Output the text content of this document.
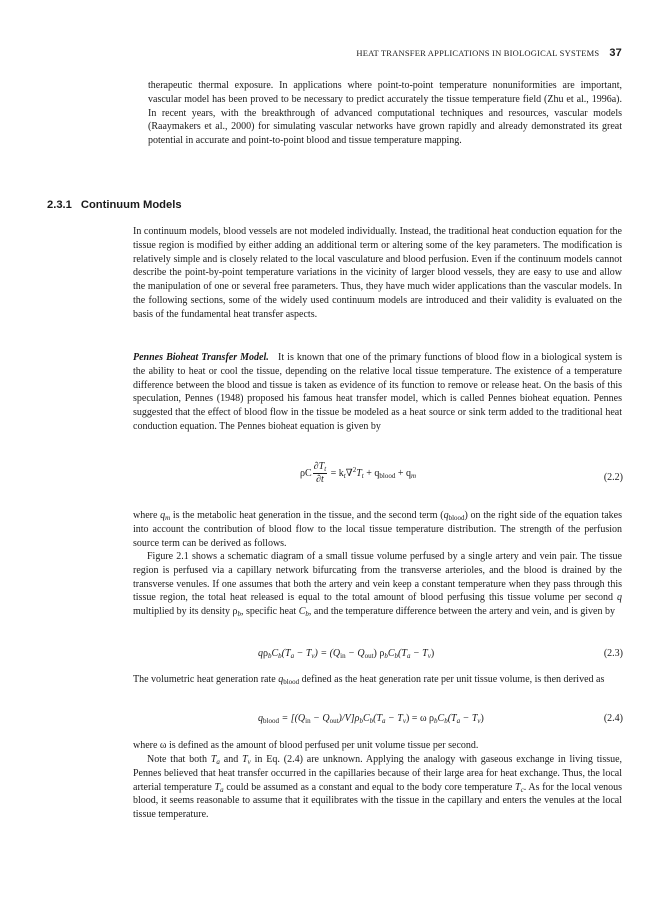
HEAT TRANSFER APPLICATIONS IN BIOLOGICAL SYSTEMS 37

therapeutic thermal exposure. In applications where point-to-point temperature nonuniformities are important, vascular model has been proved to be necessary to predict accurately the tissue temperature field (Zhu et al., 1996a). In recent years, with the breakthrough of advanced computational techniques and resources, vascular models (Raaymakers et al., 2000) for simulating vascular networks have grown rapidly and already demonstrated its great potential in accurate and point-to-point blood and tissue temperature mapping.

2.3.1 Continuum Models

In continuum models, blood vessels are not modeled individually. Instead, the traditional heat conduction equation for the tissue region is modified by either adding an additional term or altering some of the key parameters. The modification is relatively simple and is closely related to the local vasculature and blood perfusion. Even if the continuum models cannot describe the point-by-point temperature variations in the vicinity of larger blood vessels, they are easy to use and allow the manipulation of one or several free parameters. Thus, they have much wider applications than the vascular models. In the following sections, some of the widely used continuum models are introduced and their validity is evaluated on the basis of the fundamental heat transfer aspects.

Pennes Bioheat Transfer Model. It is known that one of the primary functions of blood flow in a biological system is the ability to heat or cool the tissue, depending on the relative local tissue temperature. The existence of a temperature difference between the blood and tissue is taken as evidence of its function to remove or release heat. On the basis of this speculation, Pennes (1948) proposed his famous heat transfer model, which is called Pennes bioheat equation. Pennes suggested that the effect of blood flow in the tissue be modeled as a heat source or sink term added to the traditional heat conduction equation. The Pennes bioheat equation is given by

ρC $\frac{\partial T_t}{\partial t} = k_t\nabla^2T_t + q_{blood} + q_m$	(2.2)

where $q_m$ is the metabolic heat generation in the tissue, and the second term $(q_{blood})$ on the right side of the equation takes into account the contribution of blood flow to the local tissue temperature distribution. The strength of the perfusion source term can be derived as follows.

Figure 2.1 shows a schematic diagram of a small tissue volume perfused by a single artery and vein pair. The tissue region is perfused via a capillary network bifurcating from the transverse arterioles, and the blood is drained by the transverse venules. If one assumes that both the artery and vein keep a constant temperature when they pass through this tissue region, the total heat released is equal to the total amount of blood perfusing this tissue volume per second q multiplied by its density $\rho_b$, specific heat $C_b$, and the temperature difference between the artery and vein, and is given by

$q\rho_bC_b(T_a - T_v) = (Q_{in} - Q_{out}) \rho_bC_b(T_a - T_v)$	(2.3)

The volumetric heat generation rate $q_{blood}$ defined as the heat generation rate per unit tissue volume, is then derived as

$q_{blood} = [(Q_{in} - Q_{out})/V]\rho_bC_b(T_a - T_v) = \omega$ $\rho_bC_b(T_a - T_v)$	(2.4)

where ω is defined as the amount of blood perfused per unit volume tissue per second.

Note that both $T_a$ and $T_v$ in Eq. (2.4) are unknown. Applying the analogy with gaseous exchange in living tissue, Pennes believed that heat transfer occurred in the capillaries because of their large area for heat exchange. Thus, the local arterial temperature $T_a$ could be assumed as a constant and equal to the body core temperature $T_c$. As for the local venous blood, it seems reasonable to assume that it equilibrates with the tissue in the capillary and enters the venules at the local tissue temperature.
